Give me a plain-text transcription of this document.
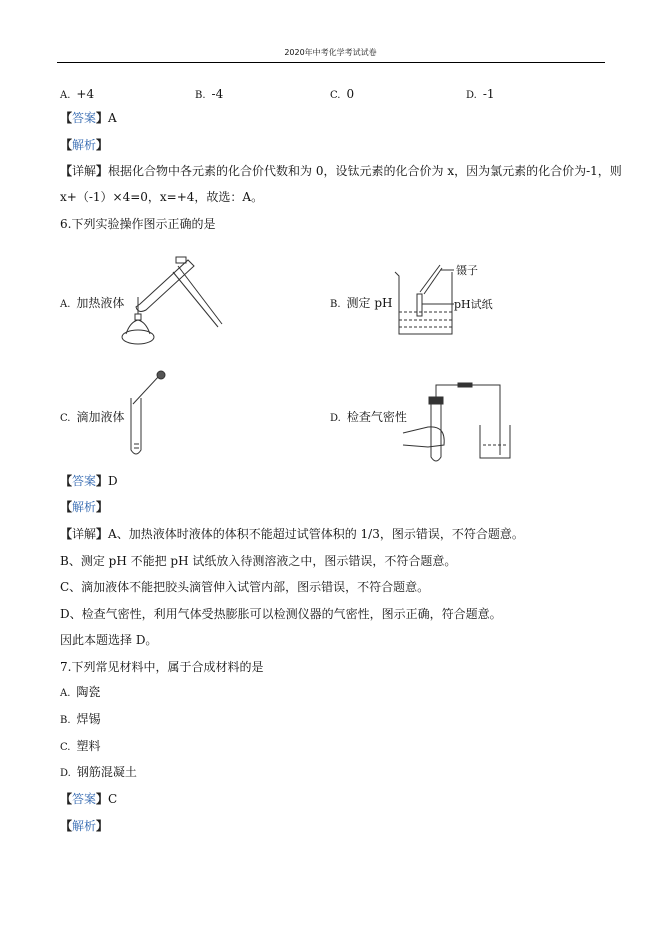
2020年中考化学考试试卷
A. +4	B. -4	C. 0	D. -1
【答案】A
【解析】
【详解】根据化合物中各元素的化合价代数和为 0，设钛元素的化合价为 x，因为氯元素的化合价为-1，则
x+（-1）×4=0，x=+4，故选：A。
6.下列实验操作图示正确的是
A. 加热液体	B. 测定 pH
镊子
pH试纸
C. 滴加液体	D. 检查气密性
【答案】D
【解析】
【详解】A、加热液体时液体的体积不能超过试管体积的 1/3，图示错误，不符合题意。
B、测定 pH 不能把 pH 试纸放入待测溶液之中，图示错误，不符合题意。
C、滴加液体不能把胶头滴管伸入试管内部，图示错误，不符合题意。
D、检查气密性，利用气体受热膨胀可以检测仪器的气密性，图示正确，符合题意。
因此本题选择 D。
7.下列常见材料中，属于合成材料的是
A. 陶瓷
B. 焊锡
C. 塑料
D. 钢筋混凝土
【答案】C
【解析】
